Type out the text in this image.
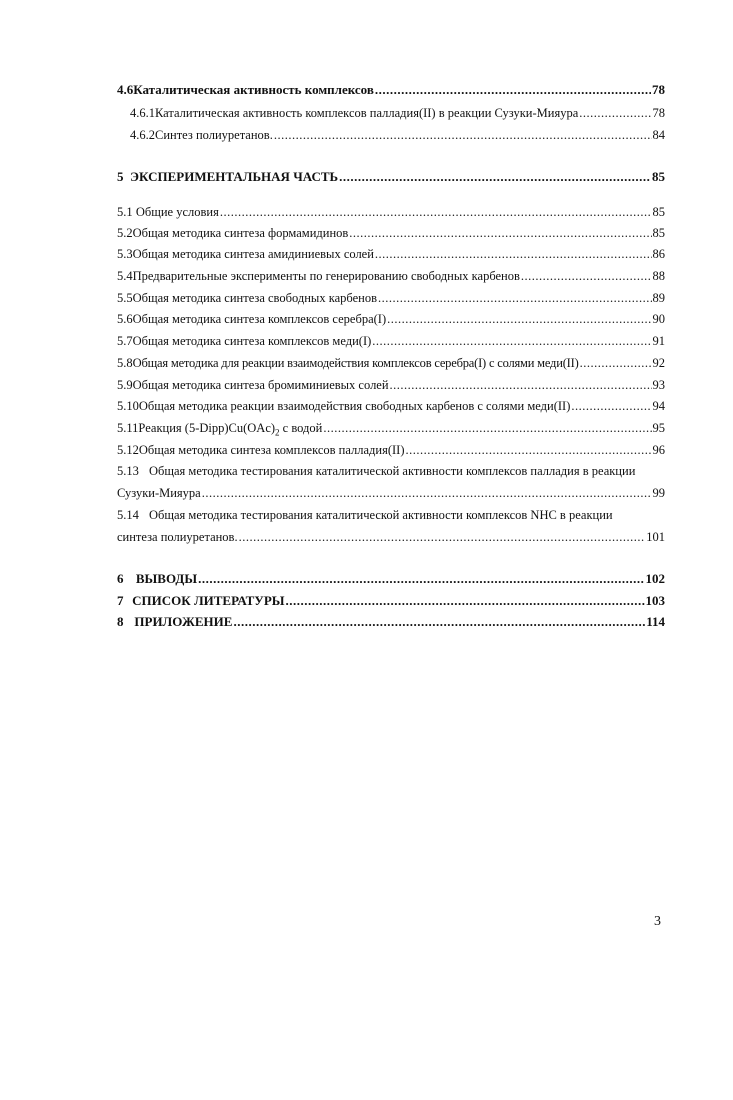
4.6 Каталитическая активность комплексов .....	78
4.6.1 Каталитическая активность комплексов палладия(II) в реакции Сузуки-Мияура .....	78
4.6.2 Синтез полиуретанов. .....	84
5 ЭКСПЕРИМЕНТАЛЬНАЯ ЧАСТЬ .....	85
5.1 Общие условия .....	85
5.2 Общая методика синтеза формамидинов .....	85
5.3 Общая методика синтеза амидиниевых солей .....	86
5.4 Предварительные эксперименты по генерированию свободных карбенов .....	88
5.5 Общая методика синтеза свободных карбенов .....	89
5.6 Общая методика синтеза комплексов серебра(I) .....	90
5.7 Общая методика синтеза комплексов меди(I) .....	91
5.8 Общая методика для реакции взаимодействия комплексов серебра(I) с солями меди(II) .....	92
5.9 Общая методика синтеза бромиминиевых солей .....	93
5.10 Общая методика реакции взаимодействия свободных карбенов с солями меди(II) .....	94
5.11 Реакция $(5-Dipp)Cu(OAc)_2$ с водой .....	95
5.12 Общая методика синтеза комплексов палладия(II) .....	96
5.13 Общая методика тестирования каталитической активности комплексов палладия в реакции
Сузуки-Мияура .....	99
5.14 Общая методика тестирования каталитической активности комплексов NHC в реакции
синтеза полиуретанов. .....	101
6 ВЫВОДЫ .....	102
7 СПИСОК ЛИТЕРАТУРЫ .....	103
8 ПРИЛОЖЕНИЕ .....	114
3
